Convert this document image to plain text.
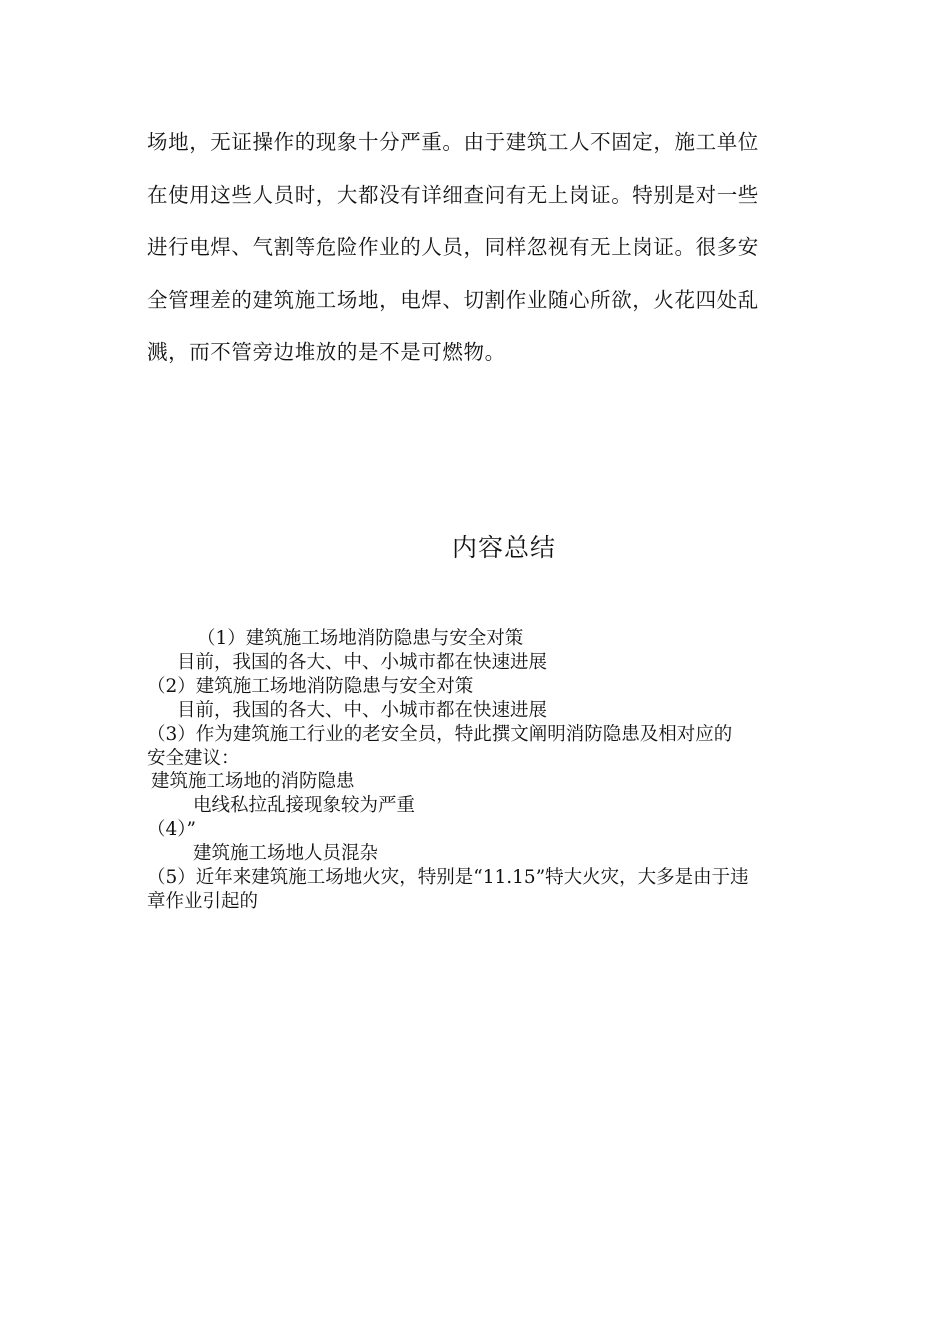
场地，无证操作的现象十分严重。由于建筑工人不固定，施工单位
在使用这些人员时，大都没有详细查问有无上岗证。特别是对一些
进行电焊、气割等危险作业的人员，同样忽视有无上岗证。很多安
全管理差的建筑施工场地，电焊、切割作业随心所欲，火花四处乱
溅，而不管旁边堆放的是不是可燃物。
内容总结
（1）建筑施工场地消防隐患与安全对策
目前，我国的各大、中、小城市都在快速进展
（2）建筑施工场地消防隐患与安全对策
目前，我国的各大、中、小城市都在快速进展
（3）作为建筑施工行业的老安全员，特此撰文阐明消防隐患及相对应的
安全建议：
建筑施工场地的消防隐患
电线私拉乱接现象较为严重
（4）”
建筑施工场地人员混杂
（5）近年来建筑施工场地火灾，特别是“11.15”特大火灾，大多是由于违
章作业引起的
